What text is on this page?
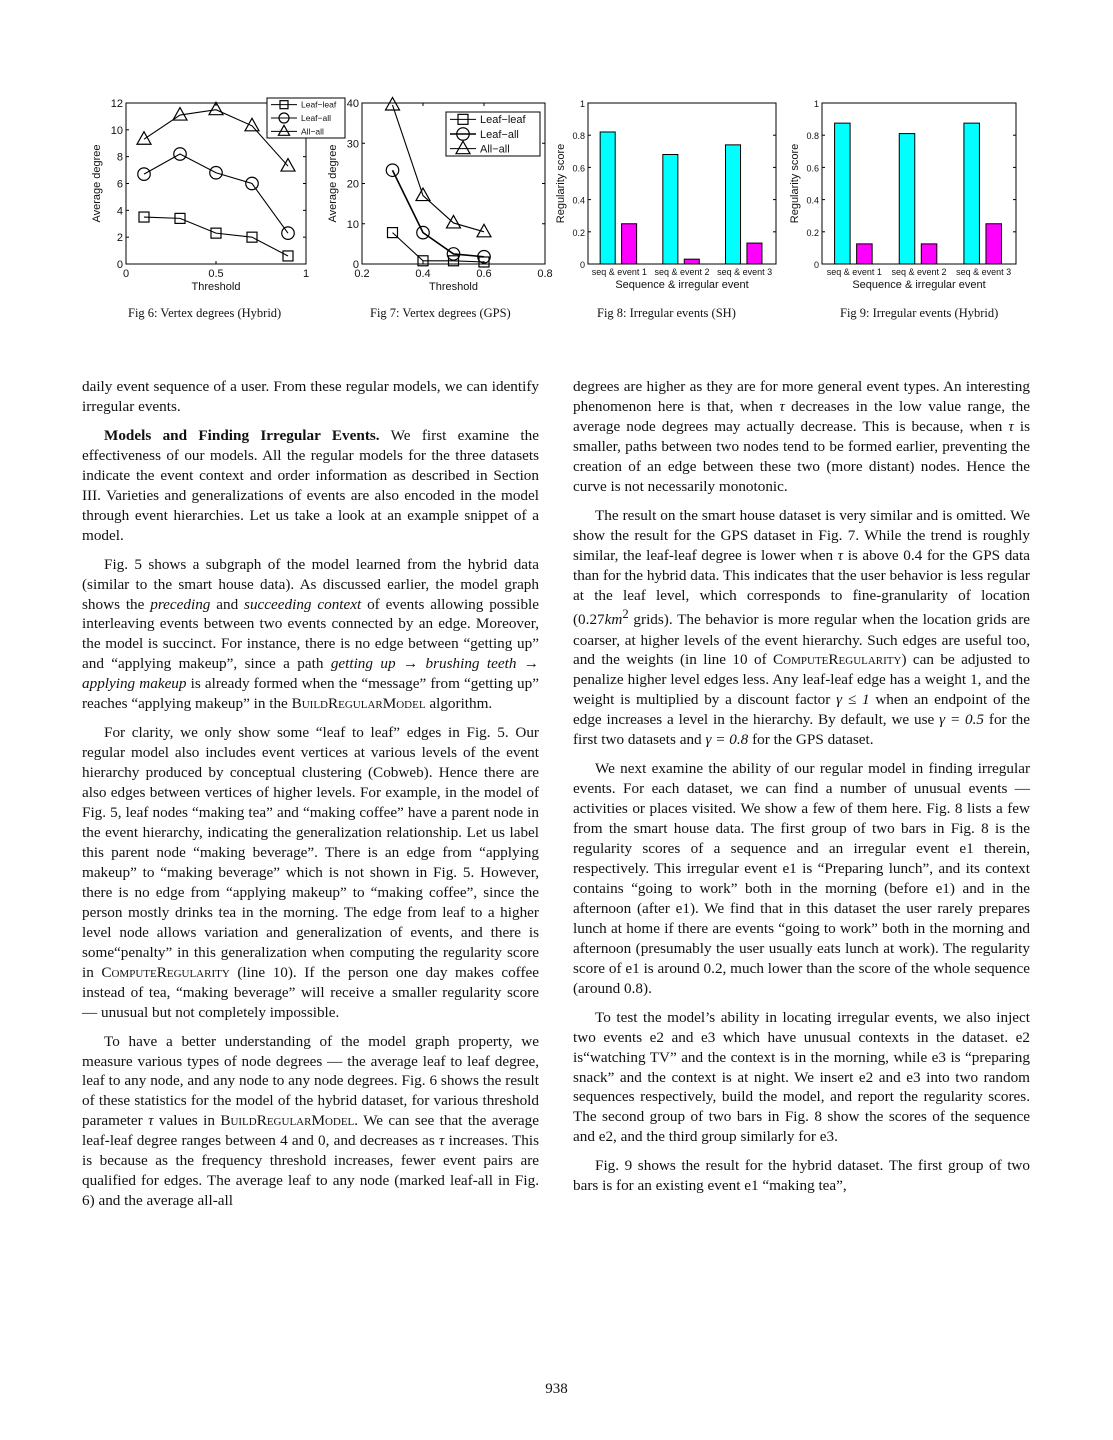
0
2
4
6
8
10
12
Average degree
0	0.5	1
Threshold
Leaf−leaf
Leaf−all
All−all
0
10
20
30
40
Average degree
0.2	0.4	0.6	0.8
Threshold
Leaf−leaf
Leaf−all
All−all
0
0.2
0.4
0.6
0.8
1
Regularity score
seq & event 1 seq & event 2 seq & event 3
Sequence & irregular event
0
0.2
0.4
0.6
0.8
1
Regularity score
seq & event 1 seq & event 2 seq & event 3
Sequence & irregular event
Fig 6: Vertex degrees (Hybrid)	Fig 7: Vertex degrees (GPS)	Fig 8: Irregular events (SH)	Fig 9: Irregular events (Hybrid)

daily event sequence of a user. From these regular models, we can identify irregular events.

Models and Finding Irregular Events. We first examine the effectiveness of our models. All the regular models for the three datasets indicate the event context and order information as described in Section III. Varieties and generalizations of events are also encoded in the model through event hierarchies. Let us take a look at an example snippet of a model.

Fig. 5 shows a subgraph of the model learned from the hybrid data (similar to the smart house data). As discussed earlier, the model graph shows the preceding and succeeding context of events allowing possible interleaving events between two events connected by an edge. Moreover, the model is succinct. For instance, there is no edge between “getting up” and “applying makeup”, since a path getting up → brushing teeth → applying makeup is already formed when the “message” from “getting up” reaches “applying makeup” in the BuildRegularModel algorithm.

For clarity, we only show some “leaf to leaf” edges in Fig. 5. Our regular model also includes event vertices at various levels of the event hierarchy produced by conceptual clustering (Cobweb). Hence there are also edges between vertices of higher levels. For example, in the model of Fig. 5, leaf nodes “making tea” and “making coffee” have a parent node in the event hierarchy, indicating the generalization relationship. Let us label this parent node “making beverage”. There is an edge from “applying makeup” to “making beverage” which is not shown in Fig. 5. However, there is no edge from “applying makeup” to “making coffee”, since the person mostly drinks tea in the morning. The edge from leaf to a higher level node allows variation and generalization of events, and there is some“penalty” in this generalization when computing the regularity score in ComputeRegularity (line 10). If the person one day makes coffee instead of tea, “making beverage” will receive a smaller regularity score — unusual but not completely impossible.

To have a better understanding of the model graph property, we measure various types of node degrees — the average leaf to leaf degree, leaf to any node, and any node to any node degrees. Fig. 6 shows the result of these statistics for the model of the hybrid dataset, for various threshold parameter τ values in BuildRegularModel. We can see that the average leaf-leaf degree ranges between 4 and 0, and decreases as τ increases. This is because as the frequency threshold increases, fewer event pairs are qualified for edges. The average leaf to any node (marked leaf-all in Fig. 6) and the average all-all

degrees are higher as they are for more general event types. An interesting phenomenon here is that, when τ decreases in the low value range, the average node degrees may actually decrease. This is because, when τ is smaller, paths between two nodes tend to be formed earlier, preventing the creation of an edge between these two (more distant) nodes. Hence the curve is not necessarily monotonic.

The result on the smart house dataset is very similar and is omitted. We show the result for the GPS dataset in Fig. 7. While the trend is roughly similar, the leaf-leaf degree is lower when τ is above 0.4 for the GPS data than for the hybrid data. This indicates that the user behavior is less regular at the leaf level, which corresponds to fine-granularity of location ($0.27km^2$ grids). The behavior is more regular when the location grids are coarser, at higher levels of the event hierarchy. Such edges are useful too, and the weights (in line 10 of ComputeRegularity) can be adjusted to penalize higher level edges less. Any leaf-leaf edge has a weight 1, and the weight is multiplied by a discount factor γ ≤ 1 when an endpoint of the edge increases a level in the hierarchy. By default, we use γ = 0.5 for the first two datasets and γ = 0.8 for the GPS dataset.

We next examine the ability of our regular model in finding irregular events. For each dataset, we can find a number of unusual events — activities or places visited. We show a few of them here. Fig. 8 lists a few from the smart house data. The first group of two bars in Fig. 8 is the regularity scores of a sequence and an irregular event e1 therein, respectively. This irregular event e1 is “Preparing lunch”, and its context contains “going to work” both in the morning (before e1) and in the afternoon (after e1). We find that in this dataset the user rarely prepares lunch at home if there are events “going to work” both in the morning and afternoon (presumably the user usually eats lunch at work). The regularity score of e1 is around 0.2, much lower than the score of the whole sequence (around 0.8).

To test the model’s ability in locating irregular events, we also inject two events e2 and e3 which have unusual contexts in the dataset. e2 is“watching TV” and the context is in the morning, while e3 is “preparing snack” and the context is at night. We insert e2 and e3 into two random sequences respectively, build the model, and report the regularity scores. The second group of two bars in Fig. 8 show the scores of the sequence and e2, and the third group similarly for e3.

Fig. 9 shows the result for the hybrid dataset. The first group of two bars is for an existing event e1 “making tea”,

938
